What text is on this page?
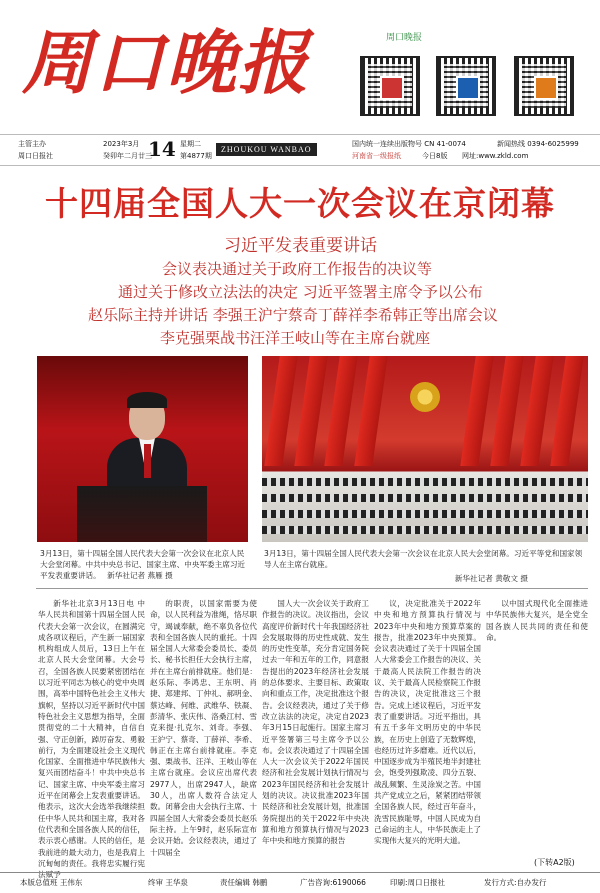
周口晚报	周口晚报
主管主办
周口日报社
2023年3月 14
癸卯年二月廿三
星期二
第4877期
ZHOUKOU WANBAO
国内统一连续出版物号 CN 41-0074	新闻热线 0394-6025999
河南省一级报纸	今日8版 网址:www.zkld.com
十四届全国人大一次会议在京闭幕
习近平发表重要讲话
会议表决通过关于政府工作报告的决议等
通过关于修改立法法的决定 习近平签署主席令予以公布
赵乐际主持并讲话 李强王沪宁蔡奇丁薛祥李希韩正等出席会议
李克强栗战书汪洋王岐山等在主席台就座
3月13日，第十四届全国人民代表大会第一次会议在北京人民大会堂闭幕。中共中央总书记、国家主席、中央军委主席习近平发表重要讲话。 新华社记者 燕雁 摄
3月13日，第十四届全国人民代表大会第一次会议在北京人民大会堂闭幕。习近平等党和国家领导人在主席台就座。
新华社记者 黄敬文 摄

新华社北京3月13日电 中华人民共和国第十四届全国人民代表大会第一次会议，在圆满完成各项议程后，产生新一届国家机构组成人员后，13日上午在北京人民大会堂闭幕。大会号召，全国各族人民要紧密团结在以习近平同志为核心的党中央周围，高举中国特色社会主义伟大旗帜，坚持以习近平新时代中国特色社会主义思想为指导，全面贯彻党的二十大精神，自信自强、守正创新，踔厉奋发、勇毅前行，为全面建设社会主义现代化国家、全面推进中华民族伟大复兴而团结奋斗！中共中央总书记、国家主席、中央军委主席习近平在闭幕会上发表重要讲话。他表示，这次大会选举我继续担任中华人民共和国主席，我对各位代表和全国各族人民的信任，表示衷心感谢。人民的信任，是我前进的最大动力，也是我肩上沉甸甸的责任。我将忠实履行宪法赋予

的职责，以国家需要为使命，以人民利益为准绳，恪尽职守，竭诚奉献，绝不辜负各位代表和全国各族人民的重托。十四届全国人大常委会委员长、委员长、秘书长担任大会执行主席，并在主席台前排就座。他们是：赵乐际、李鸿忠、王东明、肖捷、郑建邦、丁仲礼、郝明金、蔡达峰、何维、武维华、铁凝、彭清华、张庆伟、洛桑江村、雪克来提·扎克尔、刘奇。李强、王沪宁、蔡奇、丁薛祥、李希、韩正在主席台前排就座。李克强、栗战书、汪洋、王岐山等在主席台就座。会议应出席代表2977人，出席2947人，缺席30人，出席人数符合法定人数。闭幕会由大会执行主席、十四届全国人大常委会委员长赵乐际主持。上午9时，赵乐际宣布会议开始。会议经表决，通过了十四届全

国人大一次会议关于政府工作报告的决议。决议指出，会议高度评价新时代十年我国经济社会发展取得的历史性成就、发生的历史性变革，充分肯定国务院过去一年和五年的工作，同意报告提出的2023年经济社会发展的总体要求、主要目标、政策取向和重点工作，决定批准这个报告。会议经表决，通过了关于修改立法法的决定，决定自2023年3月15日起施行。国家主席习近平签署第三号主席令予以公布。会议表决通过了十四届全国人大一次会议关于2022年国民经济和社会发展计划执行情况与2023年国民经济和社会发展计划的决议。决议批准2023年国民经济和社会发展计划，批准国务院提出的关于2022年中央决算和地方预算执行情况与2023年中央和地方预算的报告

议，决定批准关于2022年中央和地方预算执行情况与2023年中央和地方预算草案的报告，批准2023年中央预算。会议表决通过了关于十四届全国人大常委会工作报告的决议、关于最高人民法院工作报告的决议、关于最高人民检察院工作报告的决议，决定批准这三个报告。完成上述议程后，习近平发表了重要讲话。习近平指出，具有五千多年文明历史的中华民族，在历史上创造了无数辉煌，也经历过许多磨难。近代以后，中国逐步成为半殖民地半封建社会，饱受列强欺凌、四分五裂、战乱频繁、生灵涂炭之苦。中国共产党成立之后，紧紧团结带领全国各族人民，经过百年奋斗，洗雪民族耻辱，中国人民成为自己命运的主人，中华民族走上了实现伟大复兴的光明大道。

以中国式现代化全面推进中华民族伟大复兴，是全党全国各族人民共同的责任和使命。

(下转A2版)
本版总值班 王伟东	终审 王华泉	责任编辑 韩鹏	广告咨询:6190066	印刷:周口日报社	发行方式:自办发行
